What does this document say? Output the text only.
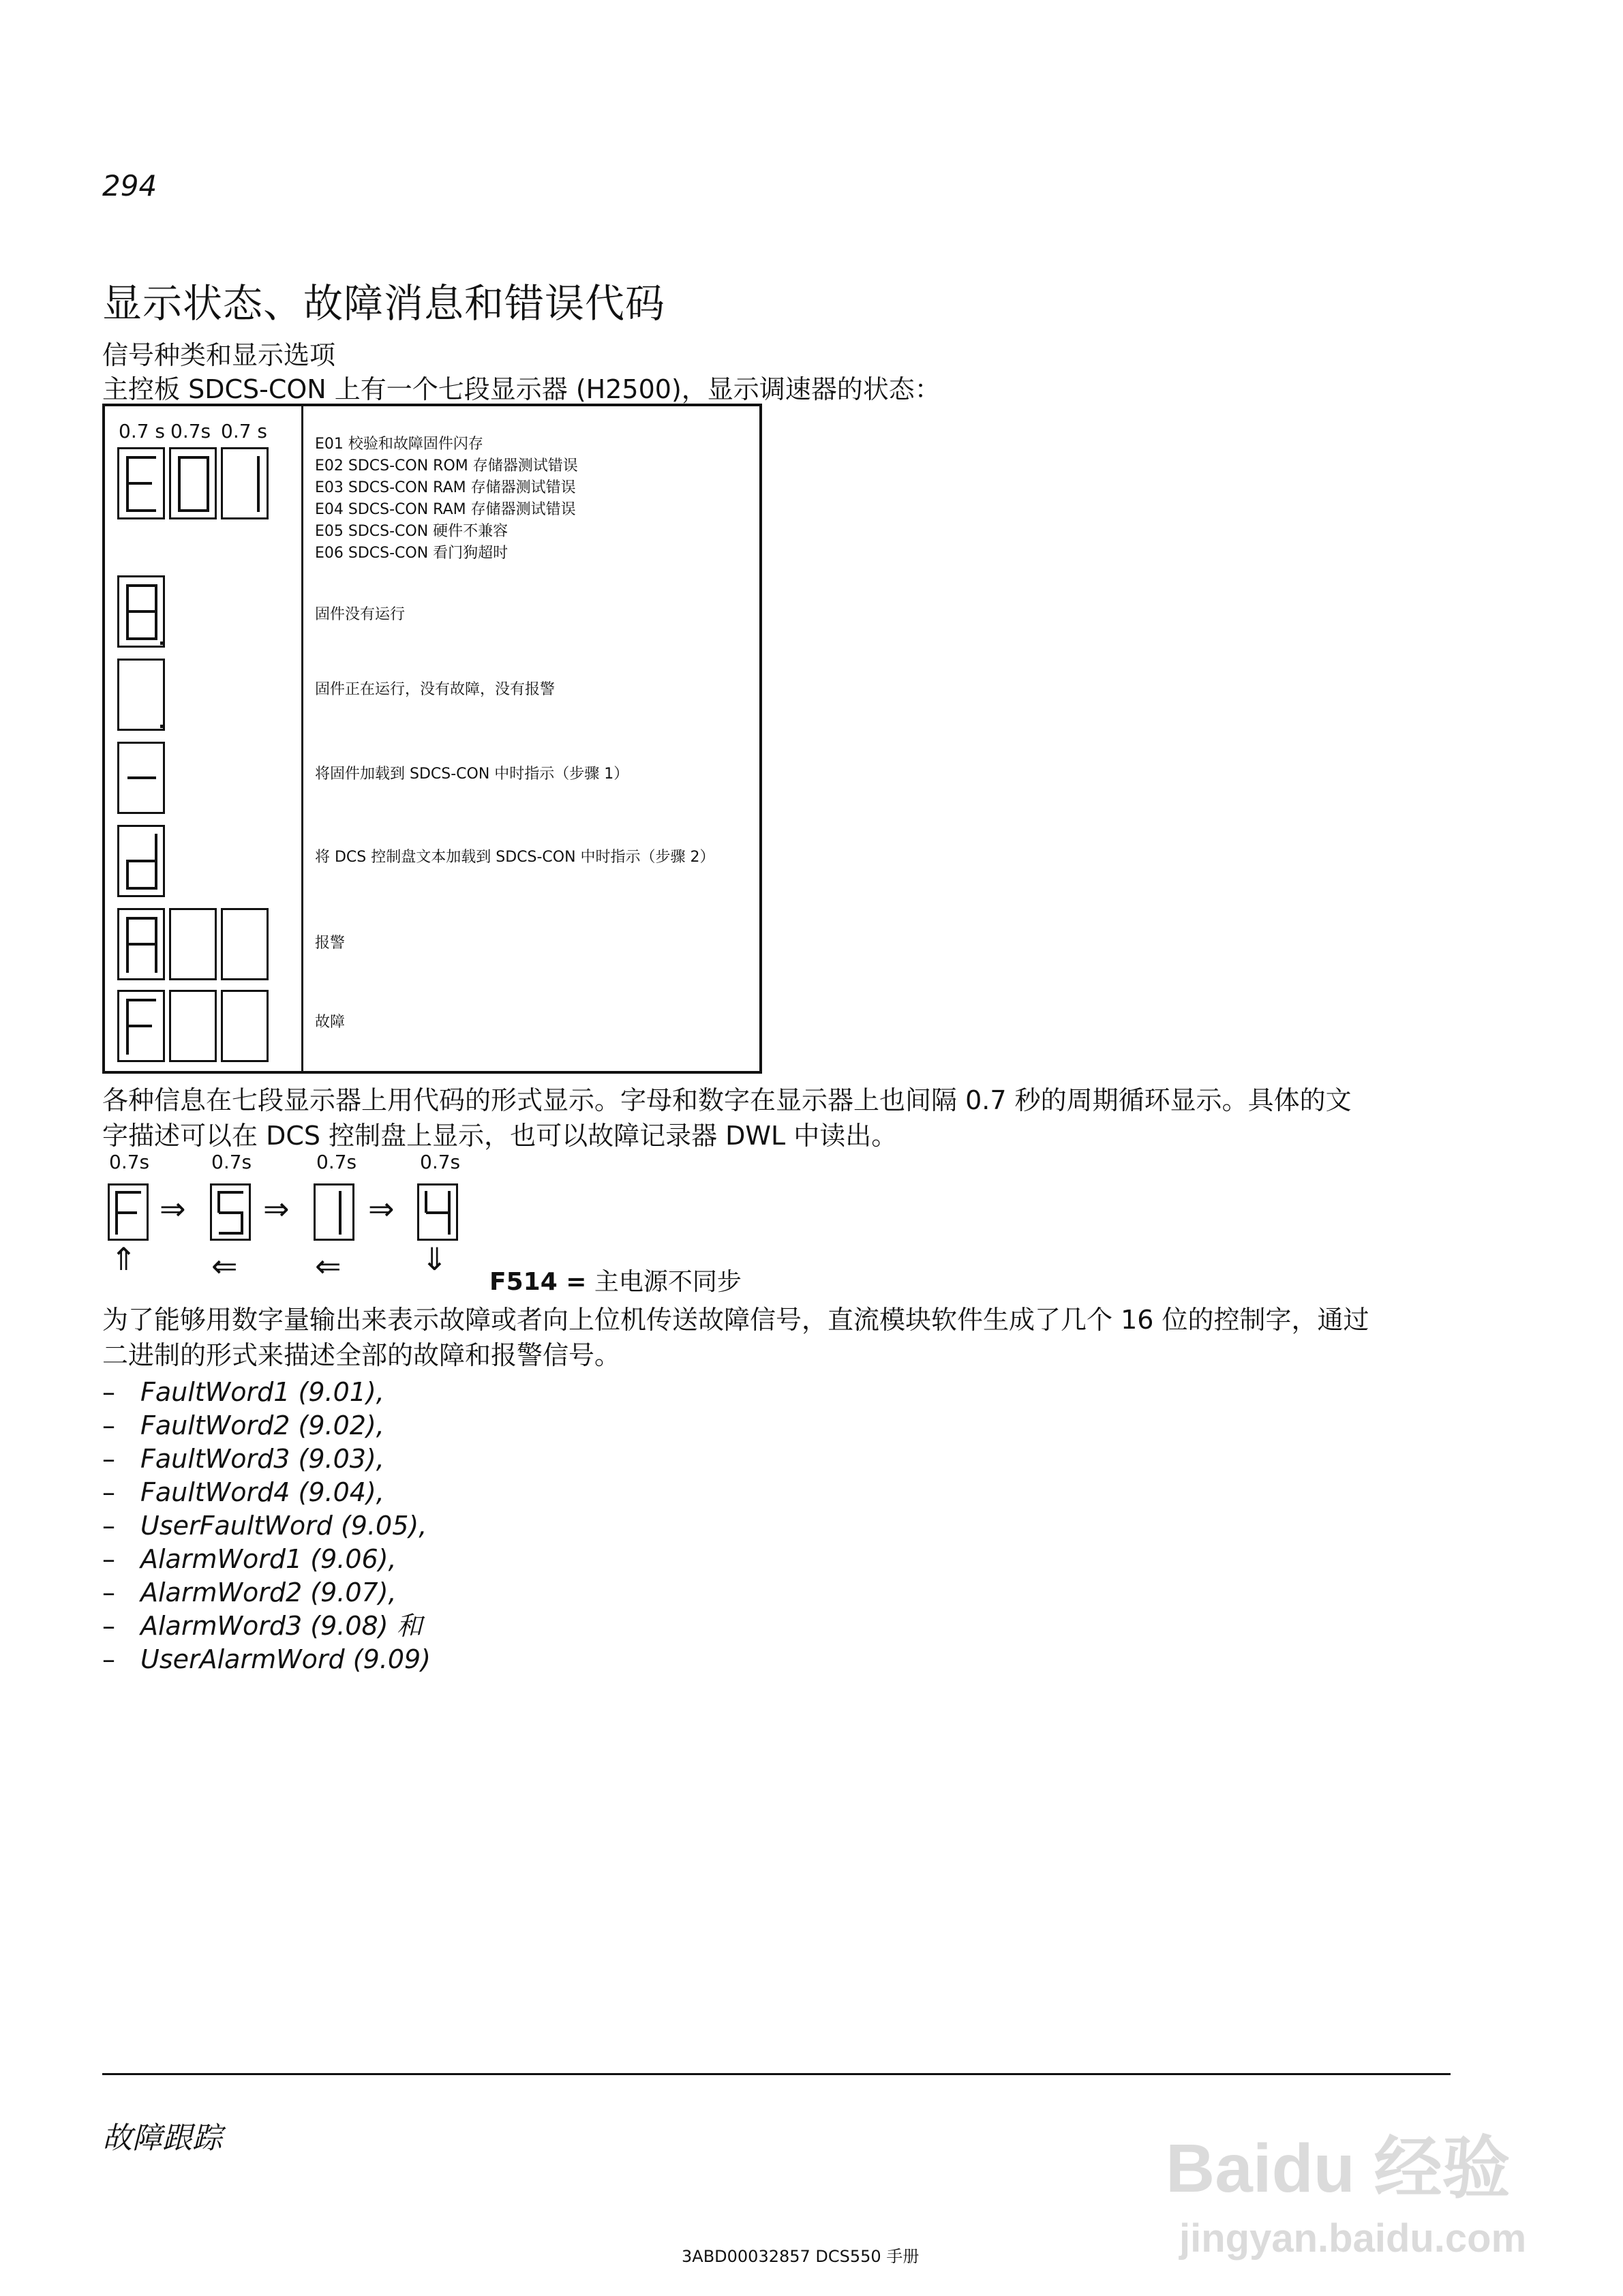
294
显示状态、故障消息和错误代码
信号种类和显示选项
主控板 SDCS-CON 上有一个七段显示器 (H2500)，显示调速器的状态：
0.7 s 0.7s 0.7 s
E01 校验和故障固件闪存
E02 SDCS-CON ROM 存储器测试错误
E03 SDCS-CON RAM 存储器测试错误
E04 SDCS-CON RAM 存储器测试错误
E05 SDCS-CON 硬件不兼容
E06 SDCS-CON 看门狗超时
固件没有运行
固件正在运行，没有故障，没有报警
将固件加载到 SDCS-CON 中时指示（步骤 1）
将 DCS 控制盘文本加载到 SDCS-CON 中时指示（步骤 2）
报警
故障
各种信息在七段显示器上用代码的形式显示。字母和数字在显示器上也间隔 0.7 秒的周期循环显示。具体的文
字描述可以在 DCS 控制盘上显示，也可以故障记录器 DWL 中读出。
0.7s	0.7s	0.7s	0.7s
⇒ ⇒	⇒
⇑ ⇐ ⇐	⇓
F514 = 主电源不同步
为了能够用数字量输出来表示故障或者向上位机传送故障信号，直流模块软件生成了几个 16 位的控制字，通过
二进制的形式来描述全部的故障和报警信号。
– FaultWord1 (9.01),
– FaultWord2 (9.02),
– FaultWord3 (9.03),
– FaultWord4 (9.04),
– UserFaultWord (9.05),
– AlarmWord1 (9.06),
– AlarmWord2 (9.07),
– AlarmWord3 (9.08) 和
– UserAlarmWord (9.09)
故障跟踪
3ABD00032857 DCS550 手册
Baidu 经验
jingyan.baidu.com
